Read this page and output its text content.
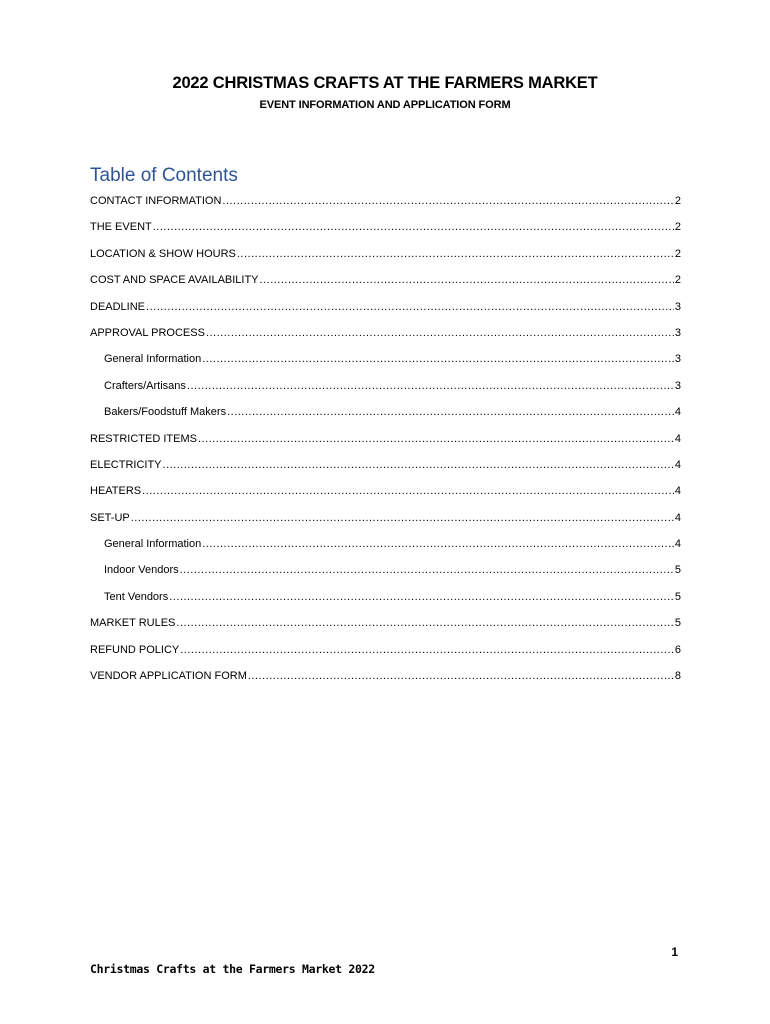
2022 CHRISTMAS CRAFTS AT THE FARMERS MARKET
EVENT INFORMATION AND APPLICATION FORM
Table of Contents
CONTACT INFORMATION .....	2
THE EVENT .....	2
LOCATION & SHOW HOURS .....	2
COST AND SPACE AVAILABILITY .....	2
DEADLINE .....	3
APPROVAL PROCESS .....	3
General Information .....	3
Crafters/Artisans .....	3
Bakers/Foodstuff Makers .....	4
RESTRICTED ITEMS .....	4
ELECTRICITY .....	4
HEATERS .....	4
SET-UP .....	4
General Information .....	4
Indoor Vendors .....	5
Tent Vendors .....	5
MARKET RULES .....	5
REFUND POLICY .....	6
VENDOR APPLICATION FORM .....	8
1
Christmas Crafts at the Farmers Market 2022
